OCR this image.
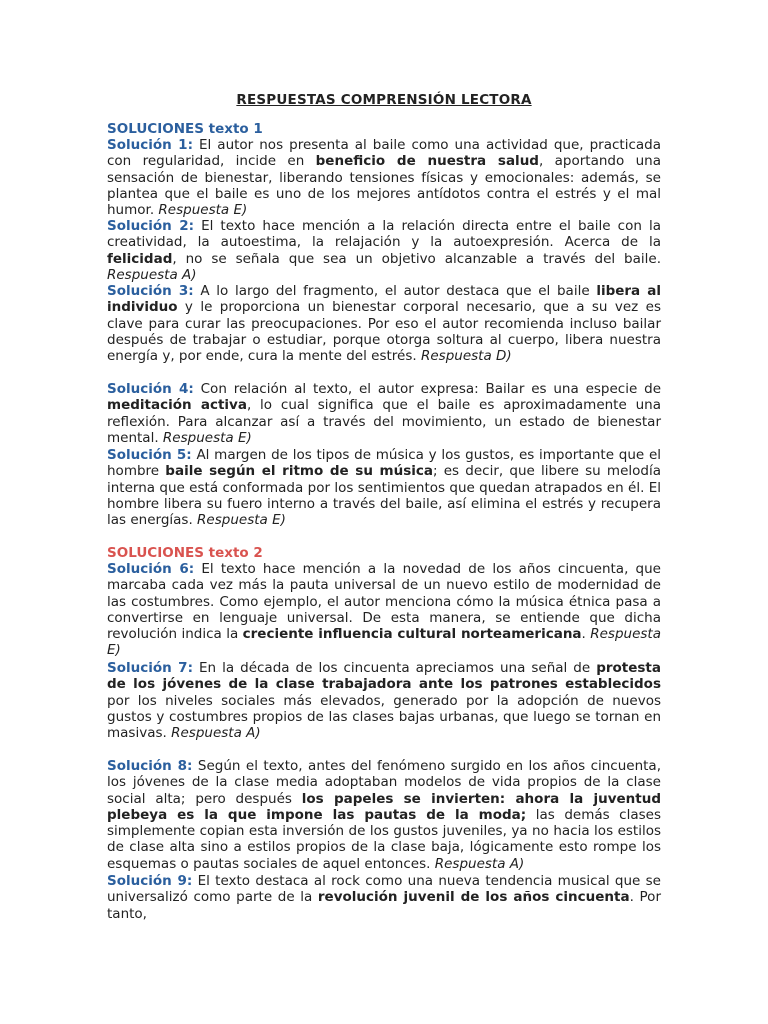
RESPUESTAS COMPRENSIÓN LECTORA
SOLUCIONES texto 1
Solución 1: El autor nos presenta al baile como una actividad que, practicada con regularidad, incide en beneficio de nuestra salud, aportando una sensación de bienestar, liberando tensiones físicas y emocionales: además, se plantea que el baile es uno de los mejores antídotos contra el estrés y el mal humor. Respuesta E)
Solución 2: El texto hace mención a la relación directa entre el baile con la creatividad, la autoestima, la relajación y la autoexpresión. Acerca de la felicidad, no se señala que sea un objetivo alcanzable a través del baile. Respuesta A)
Solución 3: A lo largo del fragmento, el autor destaca que el baile libera al individuo y le proporciona un bienestar corporal necesario, que a su vez es clave para curar las preocupaciones. Por eso el autor recomienda incluso bailar después de trabajar o estudiar, porque otorga soltura al cuerpo, libera nuestra energía y, por ende, cura la mente del estrés. Respuesta D)
Solución 4: Con relación al texto, el autor expresa: Bailar es una especie de meditación activa, lo cual significa que el baile es aproximadamente una reflexión. Para alcanzar así a través del movimiento, un estado de bienestar mental. Respuesta E)
Solución 5: Al margen de los tipos de música y los gustos, es importante que el hombre baile según el ritmo de su música; es decir, que libere su melodía interna que está conformada por los sentimientos que quedan atrapados en él. El hombre libera su fuero interno a través del baile, así elimina el estrés y recupera las energías. Respuesta E)
SOLUCIONES texto 2
Solución 6: El texto hace mención a la novedad de los años cincuenta, que marcaba cada vez más la pauta universal de un nuevo estilo de modernidad de las costumbres. Como ejemplo, el autor menciona cómo la música étnica pasa a convertirse en lenguaje universal. De esta manera, se entiende que dicha revolución indica la creciente influencia cultural norteamericana. Respuesta E)
Solución 7: En la década de los cincuenta apreciamos una señal de protesta de los jóvenes de la clase trabajadora ante los patrones establecidos por los niveles sociales más elevados, generado por la adopción de nuevos gustos y costumbres propios de las clases bajas urbanas, que luego se tornan en masivas. Respuesta A)
Solución 8: Según el texto, antes del fenómeno surgido en los años cincuenta, los jóvenes de la clase media adoptaban modelos de vida propios de la clase social alta; pero después los papeles se invierten: ahora la juventud plebeya es la que impone las pautas de la moda; las demás clases simplemente copian esta inversión de los gustos juveniles, ya no hacia los estilos de clase alta sino a estilos propios de la clase baja, lógicamente esto rompe los esquemas o pautas sociales de aquel entonces. Respuesta A)
Solución 9: El texto destaca al rock como una nueva tendencia musical que se universalizó como parte de la revolución juvenil de los años cincuenta. Por tanto,
